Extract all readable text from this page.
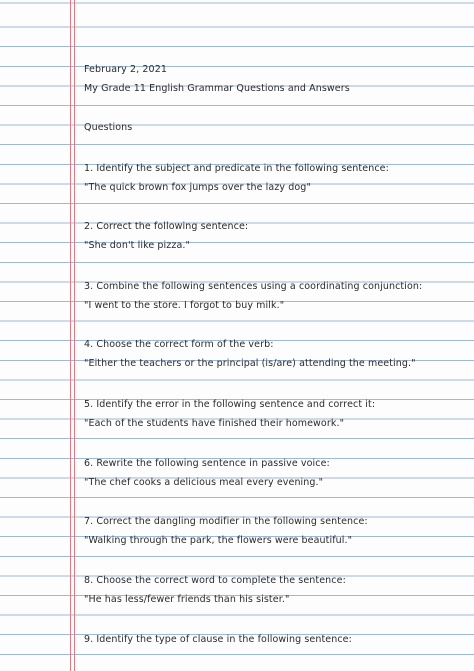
February 2, 2021
My Grade 11 English Grammar Questions and Answers
Questions
1. Identify the subject and predicate in the following sentence:
"The quick brown fox jumps over the lazy dog"
2. Correct the following sentence:
"She don't like pizza."
3. Combine the following sentences using a coordinating conjunction:
"I went to the store. I forgot to buy milk."
4. Choose the correct form of the verb:
"Either the teachers or the principal (is/are) attending the meeting."
5. Identify the error in the following sentence and correct it:
"Each of the students have finished their homework."
6. Rewrite the following sentence in passive voice:
"The chef cooks a delicious meal every evening."
7. Correct the dangling modifier in the following sentence:
"Walking through the park, the flowers were beautiful."
8. Choose the correct word to complete the sentence:
"He has less/fewer friends than his sister."
9. Identify the type of clause in the following sentence:
